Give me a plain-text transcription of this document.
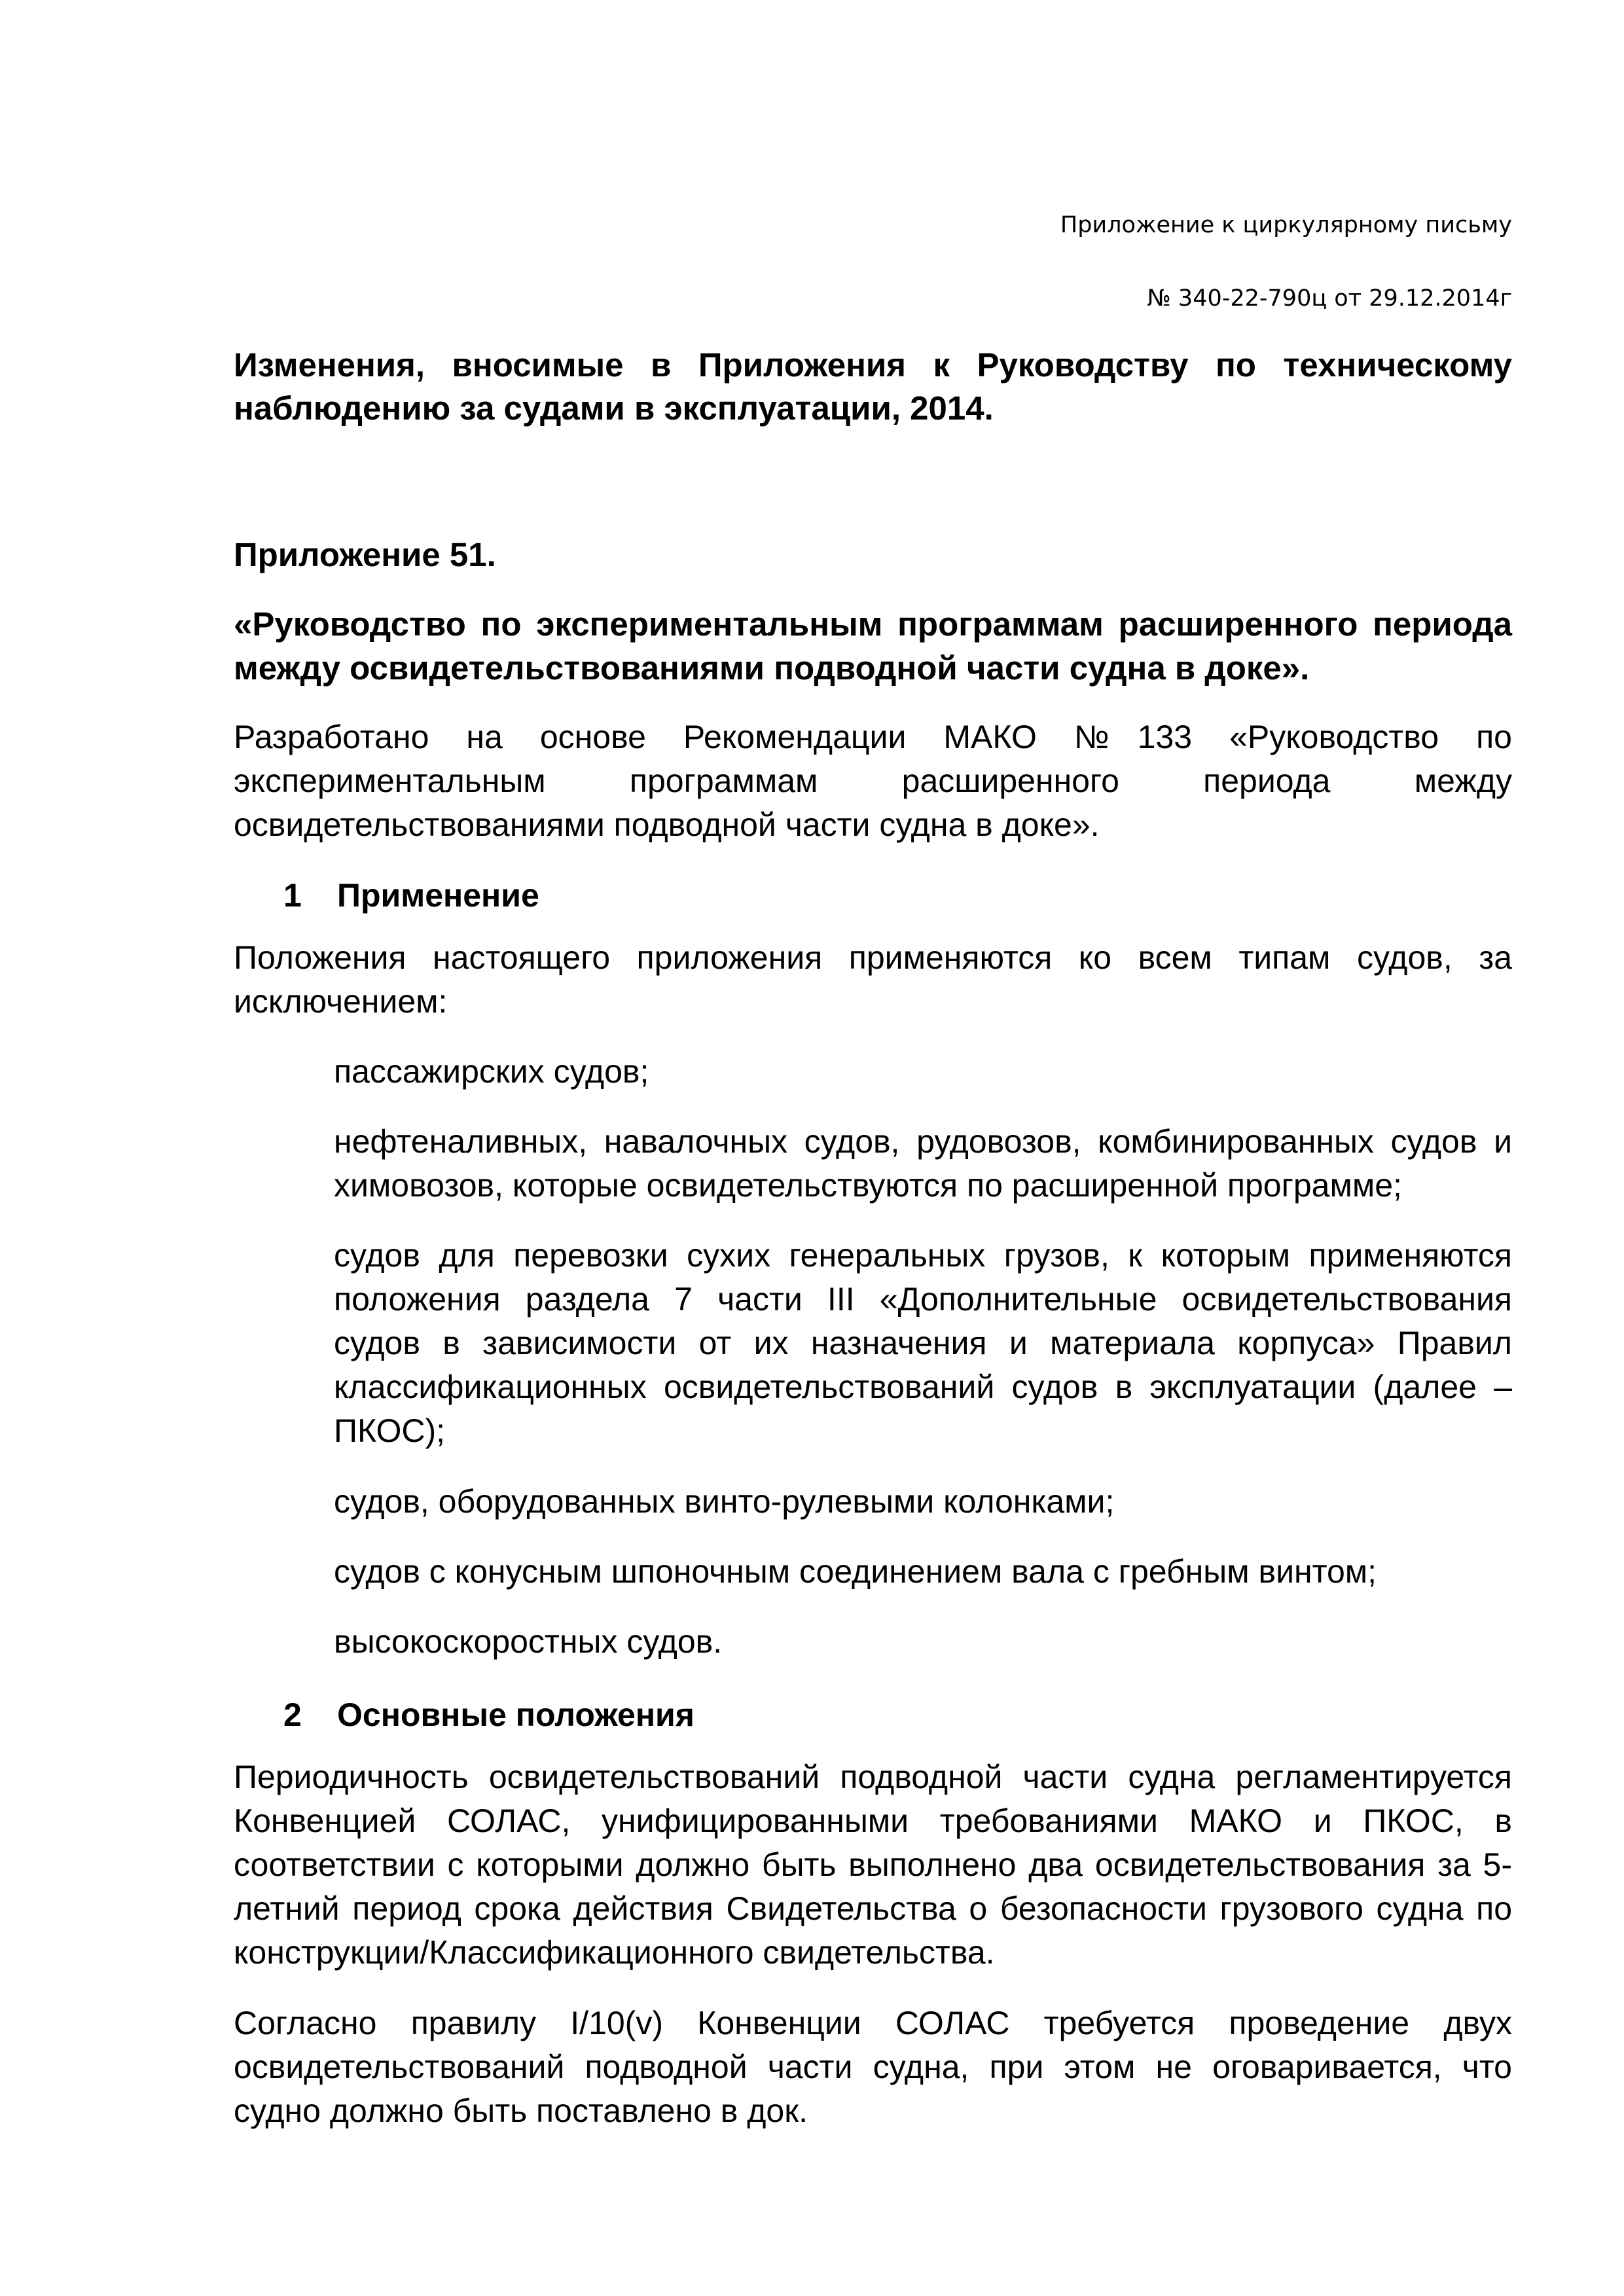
Приложение к циркулярному письму
№ 340-22-790ц от 29.12.2014г
Изменения, вносимые в Приложения к Руководству по техническому наблюдению за судами в эксплуатации, 2014.
Приложение 51.
«Руководство по экспериментальным программам расширенного периода между освидетельствованиями подводной части судна в доке».
Разработано на основе Рекомендации МАКО №133 «Руководство по экспериментальным программам расширенного периода между освидетельствованиями подводной части судна в доке».
1 Применение
Положения настоящего приложения применяются ко всем типам судов, за исключением:
пассажирских судов;
нефтеналивных, навалочных судов, рудовозов, комбинированных судов и химовозов, которые освидетельствуются по расширенной программе;
судов для перевозки сухих генеральных грузов, к которым применяются положения раздела 7 части III «Дополнительные освидетельствования судов в зависимости от их назначения и материала корпуса» Правил классификационных освидетельствований судов в эксплуатации (далее – ПКОС);
судов, оборудованных винто-рулевыми колонками;
судов с конусным шпоночным соединением вала с гребным винтом;
высокоскоростных судов.
2 Основные положения
Периодичность освидетельствований подводной части судна регламентируется Конвенцией СОЛАС, унифицированными требованиями МАКО и ПКОС, в соответствии с которыми должно быть выполнено два освидетельствования за 5-летний период срока действия Свидетельства о безопасности грузового судна по конструкции/Классификационного свидетельства.
Согласно правилу I/10(v) Конвенции СОЛАС требуется проведение двух освидетельствований подводной части судна, при этом не оговаривается, что судно должно быть поставлено в док.
